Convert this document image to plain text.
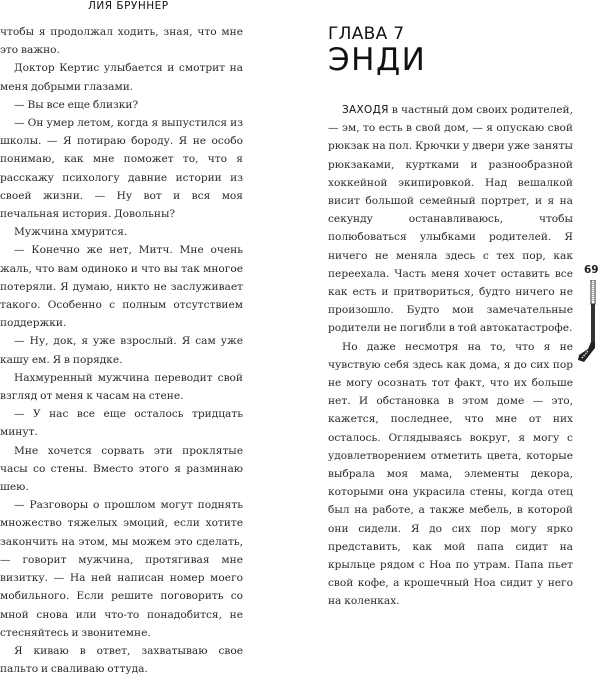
ЛИЯ БРУННЕР

чтобы я продолжал ходить, зная, что мне это важно.

Доктор Кертис улыбается и смотрит на меня добрыми глазами.

— Вы все еще близки?

— Он умер летом, когда я выпустился из школы. — Я потираю бороду. Я не особо понимаю, как мне поможет то, что я расскажу психологу давние истории из своей жизни. — Ну вот и вся моя печальная история. Довольны?

Мужчина хмурится.

— Конечно же нет, Митч. Мне очень жаль, что вам одиноко и что вы так многое потеряли. Я думаю, никто не заслуживает такого. Особенно с полным отсутствием поддержки.

— Ну, док, я уже взрослый. Я сам уже кашу ем. Я в порядке.

Нахмуренный мужчина переводит свой взгляд от меня к часам на стене.

— У нас все еще осталось тридцать минут.

Мне хочется сорвать эти проклятые часы со стены. Вместо этого я разминаю шею.

— Разговоры о прошлом могут поднять множество тяжелых эмоций, если хотите закончить на этом, мы можем это сделать, — говорит мужчина, протягивая мне визитку. — На ней написан номер моего мобильного. Если решите поговорить со мной снова или что-то понадобится, не стесняйтесь и звонитемне.

Я киваю в ответ, захватываю свое пальто и сваливаю оттуда.

ГЛАВА 7
ЭНДИ

ЗАХОДЯ в частный дом своих родителей, — эм, то есть в свой дом, — я опускаю свой рюкзак на пол. Крючки у двери уже заняты рюкзаками, куртками и разнообразной хоккейной экипировкой. Над вешалкой висит большой семейный портрет, и я на секунду останавливаюсь, чтобы полюбоваться улыбками родителей. Я ничего не меняла здесь с тех пор, как переехала. Часть меня хочет оставить все как есть и притвориться, будто ничего не произошло. Будто мои замечательные родители не погибли в той автокатастрофе.

Но даже несмотря на то, что я не чувствую себя здесь как дома, я до сих пор не могу осознать тот факт, что их больше нет. И обстановка в этом доме — это, кажется, последнее, что мне от них осталось. Оглядываясь вокруг, я могу с удовлетворением отметить цвета, которые выбрала моя мама, элементы декора, которыми она украсила стены, когда отец был на работе, а также мебель, в которой они сидели. Я до сих пор могу ярко представить, как мой папа сидит на крыльце рядом с Ноа по утрам. Папа пьет свой кофе, а крошечный Ноа сидит у него на коленках.

69
